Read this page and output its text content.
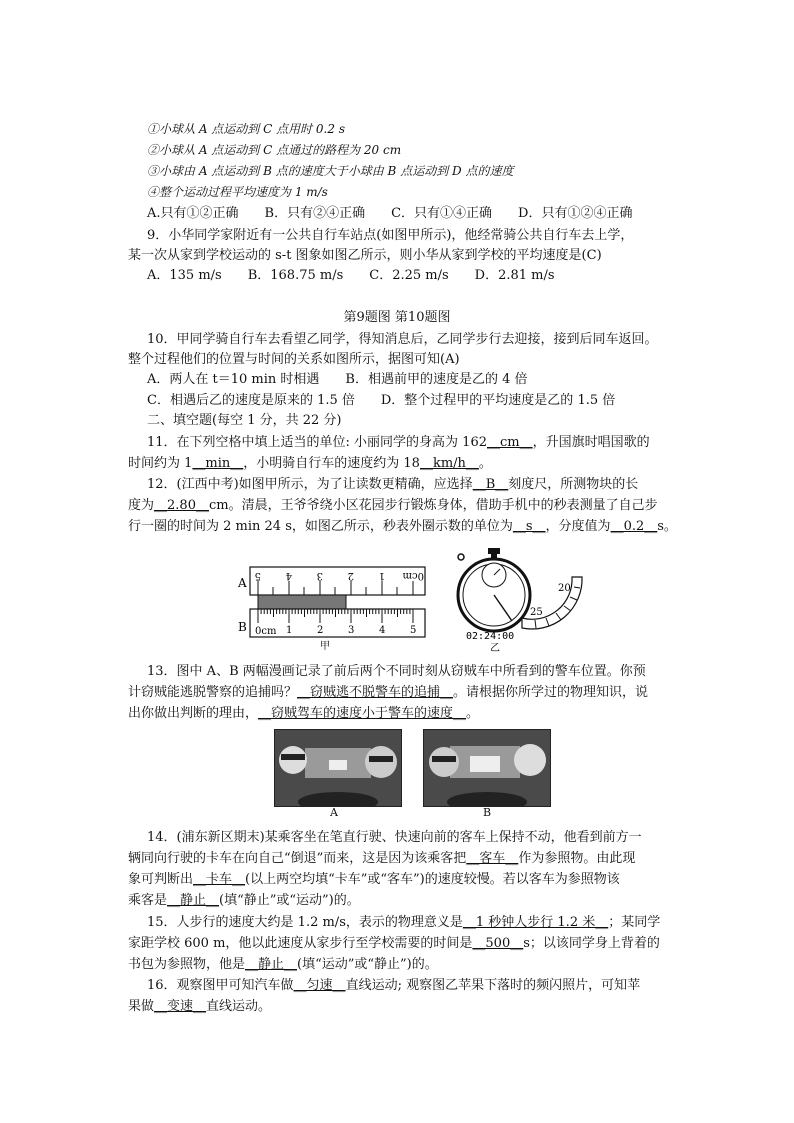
①小球从 A 点运动到 C 点用时 0.2 s
②小球从 A 点运动到 C 点通过的路程为 20 cm
③小球由 A 点运动到 B 点的速度大于小球由 B 点运动到 D 点的速度
④整个运动过程平均速度为 1 m/s
A.只有①②正确　　B．只有②④正确　　C．只有①④正确　　D．只有①②④正确
9．小华同学家附近有一公共自行车站点(如图甲所示)，他经常骑公共自行车去上学，
某一次从家到学校运动的 s-t 图象如图乙所示，则小华从家到学校的平均速度是(C)
A．135 m/s　　B．168.75 m/s　　C．2.25 m/s　　D．2.81 m/s
第9题图 第10题图
10．甲同学骑自行车去看望乙同学，得知消息后，乙同学步行去迎接，接到后同车返回。
整个过程他们的位置与时间的关系如图所示，据图可知(A)
A．两人在 t＝10 min 时相遇　　B．相遇前甲的速度是乙的 4 倍
C．相遇后乙的速度是原来的 1.5 倍　　D．整个过程甲的平均速度是乙的 1.5 倍
二、填空题(每空 1 分，共 22 分)
11．在下列空格中填上适当的单位: 小丽同学的身高为 162__cm__，升国旗时唱国歌的
时间约为 1__min__，小明骑自行车的速度约为 18__km/h__。
12．(江西中考)如图甲所示，为了让读数更精确，应选择__B__刻度尺，所测物块的长
度为__2.80__cm。清晨，王爷爷绕小区花园步行锻炼身体，借助手机中的秒表测量了自己步
行一圈的时间为 2 min 24 s，如图乙所示，秒表外圈示数的单位为__s__，分度值为__0.2__s。
A
5 4 3 2 1 0cm
B 0cm 1 2 3 4 5
甲
02:24:00
乙
20
25
13．图中 A、B 两幅漫画记录了前后两个不同时刻从窃贼车中所看到的警车位置。你预
计窃贼能逃脱警察的追捕吗？__窃贼逃不脱警车的追捕__。请根据你所学过的物理知识，说
出你做出判断的理由，__窃贼驾车的速度小于警车的速度__。
A	B
14．(浦东新区期末)某乘客坐在笔直行驶、快速向前的客车上保持不动，他看到前方一
辆同向行驶的卡车在向自己“倒退”而来，这是因为该乘客把__客车__作为参照物。由此现
象可判断出__卡车__(以上两空均填“卡车”或“客车”)的速度较慢。若以客车为参照物该
乘客是__静止__(填“静止”或“运动”)的。
15．人步行的速度大约是 1.2 m/s，表示的物理意义是__1 秒钟人步行 1.2 米__；某同学
家距学校 600 m，他以此速度从家步行至学校需要的时间是__500__s；以该同学身上背着的
书包为参照物，他是__静止__(填“运动”或“静止”)的。
16．观察图甲可知汽车做__匀速__直线运动; 观察图乙苹果下落时的频闪照片，可知苹
果做__变速__直线运动。
